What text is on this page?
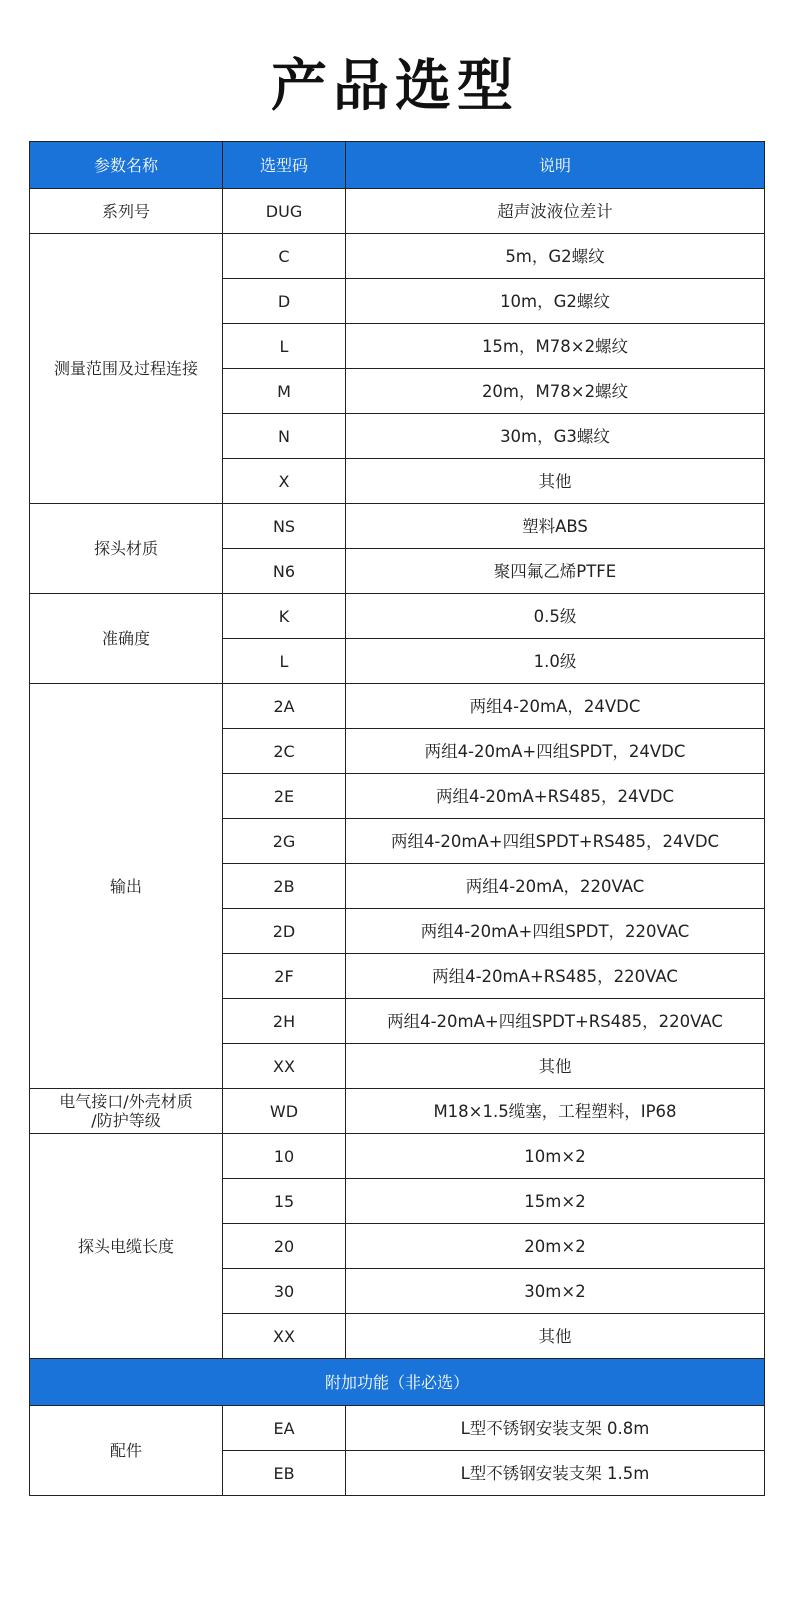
产品选型
参数名称	选型码	说明
系列号	DUG	超声波液位差计
测量范围及过程连接	C	5m，G2螺纹
	D	10m，G2螺纹
	L	15m，M78×2螺纹
	M	20m，M78×2螺纹
	N	30m，G3螺纹
	X	其他
探头材质	NS	塑料ABS
	N6	聚四氟乙烯PTFE
准确度	K	0.5级
	L	1.0级
输出	2A	两组4-20mA，24VDC
	2C	两组4-20mA+四组SPDT，24VDC
	2E	两组4-20mA+RS485，24VDC
	2G	两组4-20mA+四组SPDT+RS485，24VDC
	2B	两组4-20mA，220VAC
	2D	两组4-20mA+四组SPDT，220VAC
	2F	两组4-20mA+RS485，220VAC
	2H	两组4-20mA+四组SPDT+RS485，220VAC
	XX	其他
电气接口/外壳材质
/防护等级	WD	M18×1.5缆塞，工程塑料，IP68
探头电缆长度	10	10m×2
	15	15m×2
	20	20m×2
	30	30m×2
	XX	其他
附加功能（非必选）		
配件	EA	L型不锈钢安装支架 0.8m
	EB	L型不锈钢安装支架 1.5m
